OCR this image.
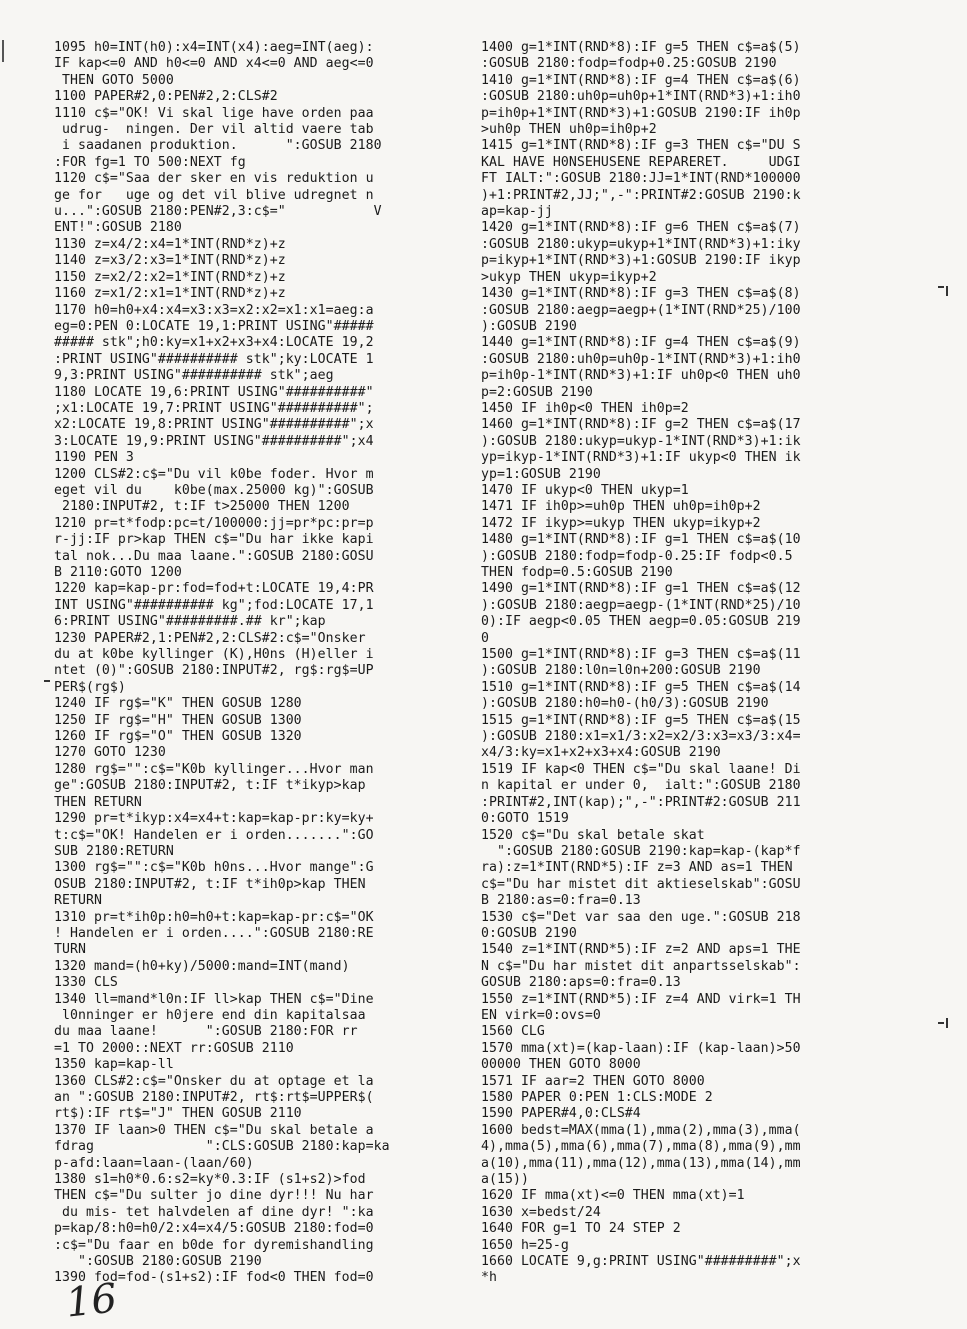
1095 h0=INT(h0):x4=INT(x4):aeg=INT(aeg):
IF kap<=0 AND h0<=0 AND x4<=0 AND aeg<=0
THEN GOTO 5000
1100 PAPER#2,0:PEN#2,2:CLS#2
1110 c$="OK! Vi skal lige have orden paa
udrug-  ningen. Der vil altid vaere tab
i saadanen produktion.      ":GOSUB 2180
:FOR fg=1 TO 500:NEXT fg
1120 c$="Saa der sker en vis reduktion u
ge for   uge og det vil blive udregnet n
u...":GOSUB 2180:PEN#2,3:c$="           V
ENT!":GOSUB 2180
1130 z=x4/2:x4=1*INT(RND*z)+z
1140 z=x3/2:x3=1*INT(RND*z)+z
1150 z=x2/2:x2=1*INT(RND*z)+z
1160 z=x1/2:x1=1*INT(RND*z)+z
1170 h0=h0+x4:x4=x3:x3=x2:x2=x1:x1=aeg:a
eg=0:PEN 0:LOCATE 19,1:PRINT USING"#####
##### stk";h0:ky=x1+x2+x3+x4:LOCATE 19,2
:PRINT USING"########## stk";ky:LOCATE 1
9,3:PRINT USING"########## stk";aeg
1180 LOCATE 19,6:PRINT USING"##########"
;x1:LOCATE 19,7:PRINT USING"##########";
x2:LOCATE 19,8:PRINT USING"##########";x
3:LOCATE 19,9:PRINT USING"##########";x4
1190 PEN 3
1200 CLS#2:c$="Du vil k0be foder. Hvor m
eget vil du    k0be(max.25000 kg)":GOSUB
2180:INPUT#2, t:IF t>25000 THEN 1200
1210 pr=t*fodp:pc=t/100000:jj=pr*pc:pr=p
r-jj:IF pr>kap THEN c$="Du har ikke kapi
tal nok...Du maa laane.":GOSUB 2180:GOSU
B 2110:GOTO 1200
1220 kap=kap-pr:fod=fod+t:LOCATE 19,4:PR
INT USING"########## kg";fod:LOCATE 17,1
6:PRINT USING"#########.## kr";kap
1230 PAPER#2,1:PEN#2,2:CLS#2:c$="Onsker
du at k0be kyllinger (K),H0ns (H)eller i
ntet (0)":GOSUB 2180:INPUT#2, rg$:rg$=UP
PER$(rg$)
1240 IF rg$="K" THEN GOSUB 1280
1250 IF rg$="H" THEN GOSUB 1300
1260 IF rg$="O" THEN GOSUB 1320
1270 GOTO 1230
1280 rg$="":c$="K0b kyllinger...Hvor man
ge":GOSUB 2180:INPUT#2, t:IF t*ikyp>kap
THEN RETURN
1290 pr=t*ikyp:x4=x4+t:kap=kap-pr:ky=ky+
t:c$="OK! Handelen er i orden.......":GO
SUB 2180:RETURN
1300 rg$="":c$="K0b h0ns...Hvor mange":G
OSUB 2180:INPUT#2, t:IF t*ih0p>kap THEN
RETURN
1310 pr=t*ih0p:h0=h0+t:kap=kap-pr:c$="OK
! Handelen er i orden....":GOSUB 2180:RE
TURN
1320 mand=(h0+ky)/5000:mand=INT(mand)
1330 CLS
1340 ll=mand*l0n:IF ll>kap THEN c$="Dine
l0nninger er h0jere end din kapitalsaa
du maa laane!      ":GOSUB 2180:FOR rr
=1 TO 2000::NEXT rr:GOSUB 2110
1350 kap=kap-ll
1360 CLS#2:c$="Onsker du at optage et la
an ":GOSUB 2180:INPUT#2, rt$:rt$=UPPER$(
rt$):IF rt$="J" THEN GOSUB 2110
1370 IF laan>0 THEN c$="Du skal betale a
fdrag              ":CLS:GOSUB 2180:kap=ka
p-afd:laan=laan-(laan/60)
1380 s1=h0*0.6:s2=ky*0.3:IF (s1+s2)>fod
THEN c$="Du sulter jo dine dyr!!! Nu har
du mis- tet halvdelen af dine dyr! ":ka
p=kap/8:h0=h0/2:x4=x4/5:GOSUB 2180:fod=0
:c$="Du faar en b0de for dyremishandling
":GOSUB 2180:GOSUB 2190
1390 fod=fod-(s1+s2):IF fod<0 THEN fod=0
1400 g=1*INT(RND*8):IF g=5 THEN c$=a$(5)
:GOSUB 2180:fodp=fodp+0.25:GOSUB 2190
1410 g=1*INT(RND*8):IF g=4 THEN c$=a$(6)
:GOSUB 2180:uh0p=uh0p+1*INT(RND*3)+1:ih0
p=ih0p+1*INT(RND*3)+1:GOSUB 2190:IF ih0p
>uh0p THEN uh0p=ih0p+2
1415 g=1*INT(RND*8):IF g=3 THEN c$="DU S
KAL HAVE H0NSEHUSENE REPARERET.     UDGI
FT IALT:":GOSUB 2180:JJ=1*INT(RND*100000
)+1:PRINT#2,JJ;",-":PRINT#2:GOSUB 2190:k
ap=kap-jj
1420 g=1*INT(RND*8):IF g=6 THEN c$=a$(7)
:GOSUB 2180:ukyp=ukyp+1*INT(RND*3)+1:iky
p=ikyp+1*INT(RND*3)+1:GOSUB 2190:IF ikyp
>ukyp THEN ukyp=ikyp+2
1430 g=1*INT(RND*8):IF g=3 THEN c$=a$(8)
:GOSUB 2180:aegp=aegp+(1*INT(RND*25)/100
):GOSUB 2190
1440 g=1*INT(RND*8):IF g=4 THEN c$=a$(9)
:GOSUB 2180:uh0p=uh0p-1*INT(RND*3)+1:ih0
p=ih0p-1*INT(RND*3)+1:IF uh0p<0 THEN uh0
p=2:GOSUB 2190
1450 IF ih0p<0 THEN ih0p=2
1460 g=1*INT(RND*8):IF g=2 THEN c$=a$(17
):GOSUB 2180:ukyp=ukyp-1*INT(RND*3)+1:ik
yp=ikyp-1*INT(RND*3)+1:IF ukyp<0 THEN ik
yp=1:GOSUB 2190
1470 IF ukyp<0 THEN ukyp=1
1471 IF ih0p>=uh0p THEN uh0p=ih0p+2
1472 IF ikyp>=ukyp THEN ukyp=ikyp+2
1480 g=1*INT(RND*8):IF g=1 THEN c$=a$(10
):GOSUB 2180:fodp=fodp-0.25:IF fodp<0.5
THEN fodp=0.5:GOSUB 2190
1490 g=1*INT(RND*8):IF g=1 THEN c$=a$(12
):GOSUB 2180:aegp=aegp-(1*INT(RND*25)/10
0):IF aegp<0.05 THEN aegp=0.05:GOSUB 219
0
1500 g=1*INT(RND*8):IF g=3 THEN c$=a$(11
):GOSUB 2180:l0n=l0n+200:GOSUB 2190
1510 g=1*INT(RND*8):IF g=5 THEN c$=a$(14
):GOSUB 2180:h0=h0-(h0/3):GOSUB 2190
1515 g=1*INT(RND*8):IF g=5 THEN c$=a$(15
):GOSUB 2180:x1=x1/3:x2=x2/3:x3=x3/3:x4=
x4/3:ky=x1+x2+x3+x4:GOSUB 2190
1519 IF kap<0 THEN c$="Du skal laane! Di
n kapital er under 0,  ialt:":GOSUB 2180
:PRINT#2,INT(kap);",-":PRINT#2:GOSUB 211
0:GOTO 1519
1520 c$="Du skal betale skat
":GOSUB 2180:GOSUB 2190:kap=kap-(kap*f
ra):z=1*INT(RND*5):IF z=3 AND as=1 THEN
c$="Du har mistet dit aktieselskab":GOSU
B 2180:as=0:fra=0.13
1530 c$="Det var saa den uge.":GOSUB 218
0:GOSUB 2190
1540 z=1*INT(RND*5):IF z=2 AND aps=1 THE
N c$="Du har mistet dit anpartsselskab":
GOSUB 2180:aps=0:fra=0.13
1550 z=1*INT(RND*5):IF z=4 AND virk=1 TH
EN virk=0:ovs=0
1560 CLG
1570 mma(xt)=(kap-laan):IF (kap-laan)>50
00000 THEN GOTO 8000
1571 IF aar=2 THEN GOTO 8000
1580 PAPER 0:PEN 1:CLS:MODE 2
1590 PAPER#4,0:CLS#4
1600 bedst=MAX(mma(1),mma(2),mma(3),mma(
4),mma(5),mma(6),mma(7),mma(8),mma(9),mm
a(10),mma(11),mma(12),mma(13),mma(14),mm
a(15))
1620 IF mma(xt)<=0 THEN mma(xt)=1
1630 x=bedst/24
1640 FOR g=1 TO 24 STEP 2
1650 h=25-g
1660 LOCATE 9,g:PRINT USING"#########";x
*h
16
